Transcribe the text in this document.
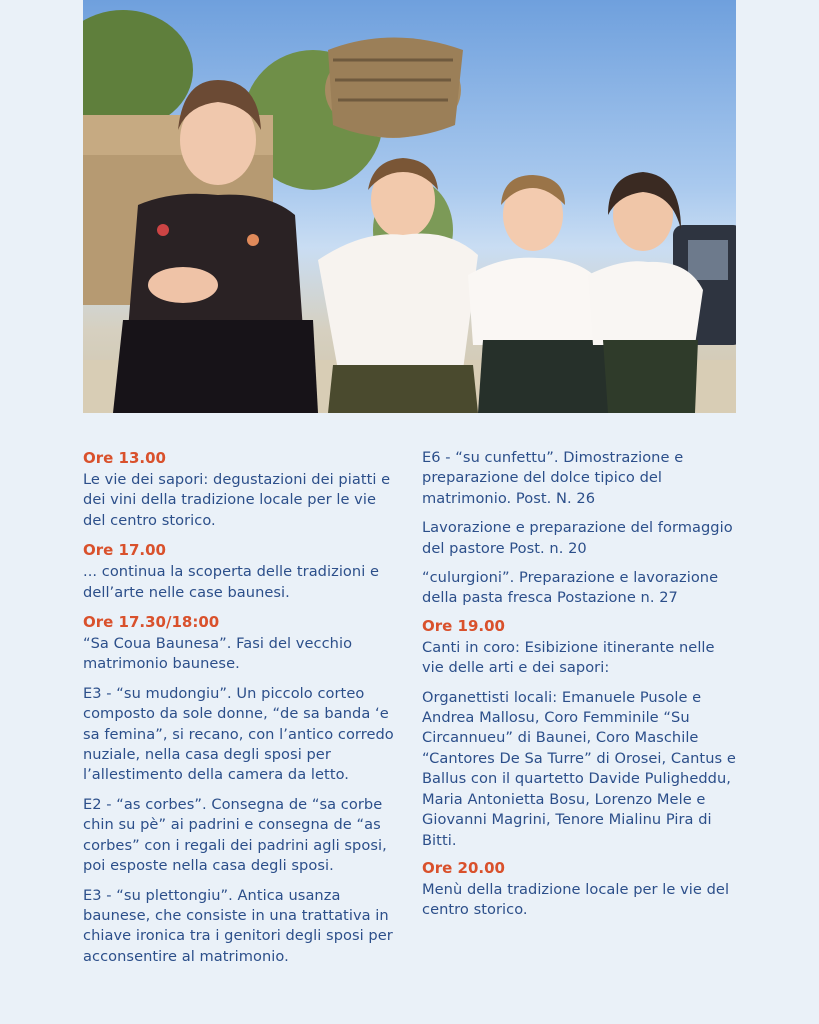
Ore 13.00
Le vie dei sapori: degustazioni dei piatti e dei vini della tradizione locale per le vie del centro storico.
Ore 17.00
... continua la scoperta delle tradizioni e dell’arte nelle case baunesi.
Ore 17.30/18:00
“Sa Coua Baunesa”. Fasi del vecchio matrimonio baunese.
E3 - “su mudongiu”. Un piccolo corteo composto da sole donne, “de sa banda ‘e sa femina”, si recano, con l’antico corredo nuziale, nella casa degli sposi per l’allestimento della camera da letto.
E2 - “as corbes”. Consegna de “sa corbe chin su pè” ai padrini e consegna de “as corbes” con i regali dei padrini agli sposi, poi esposte nella casa degli sposi.
E3 - “su plettongiu”. Antica usanza baunese, che consiste in una trattativa in chiave ironica tra i genitori degli sposi per acconsentire al matrimonio.
E6 - “su cunfettu”. Dimostrazione e preparazione del dolce tipico del matrimonio. Post. N. 26
Lavorazione e preparazione del formaggio del pastore Post. n. 20
“culurgioni”. Preparazione e lavorazione della pasta fresca Postazione n. 27
Ore 19.00
Canti in coro: Esibizione itinerante nelle vie delle arti e dei sapori:
Organettisti locali: Emanuele Pusole e Andrea Mallosu, Coro Femminile “Su Circannueu” di Baunei, Coro Maschile “Cantores De Sa Turre” di Orosei, Cantus e Ballus con il quartetto Davide Puligheddu, Maria Antonietta Bosu, Lorenzo Mele e Giovanni Magrini, Tenore Mialinu Pira di Bitti.
Ore 20.00
Menù della tradizione locale per le vie del centro storico.
